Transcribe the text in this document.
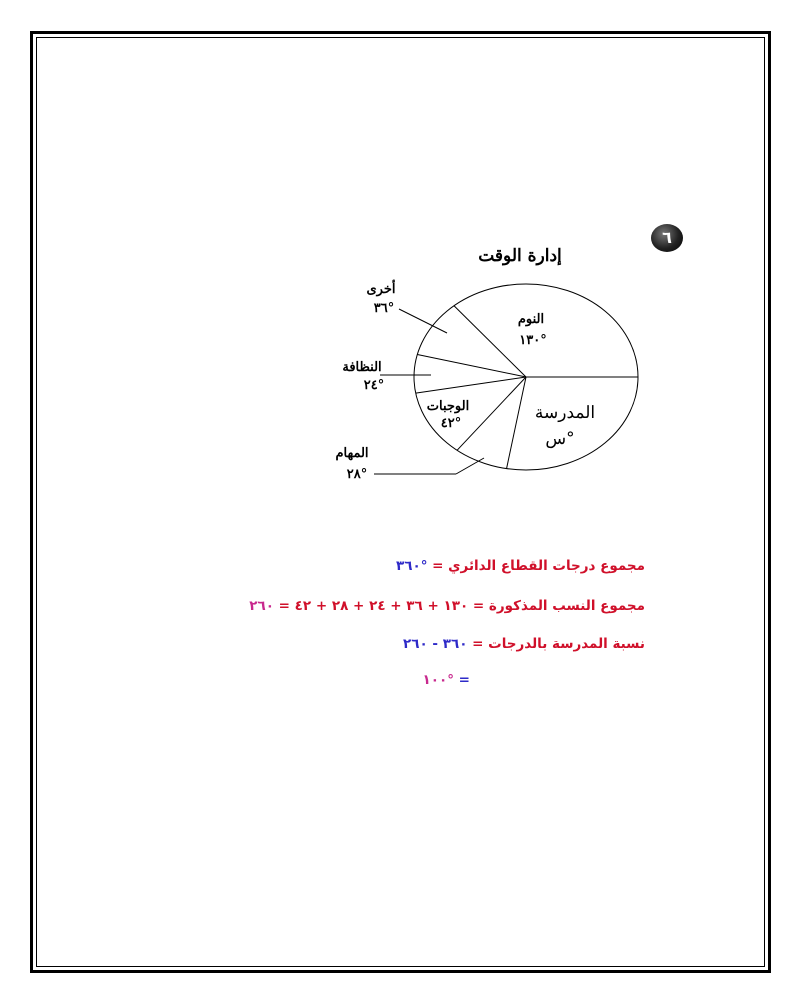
٦
إدارة الوقت
النوم
°١٣٠
المدرسة
°س
الوجبات
°٤٢
أخرى
°٣٦
النظافة
°٢٤
المهام
°٢٨
مجموع درجات القطاع الدائري = °٣٦٠
مجموع النسب المذكورة = ١٣٠ + ٣٦ + ٢٤ + ٢٨ + ٤٢ = ٢٦٠
نسبة المدرسة بالدرجات = ٣٦٠ - ٢٦٠
= °١٠٠
